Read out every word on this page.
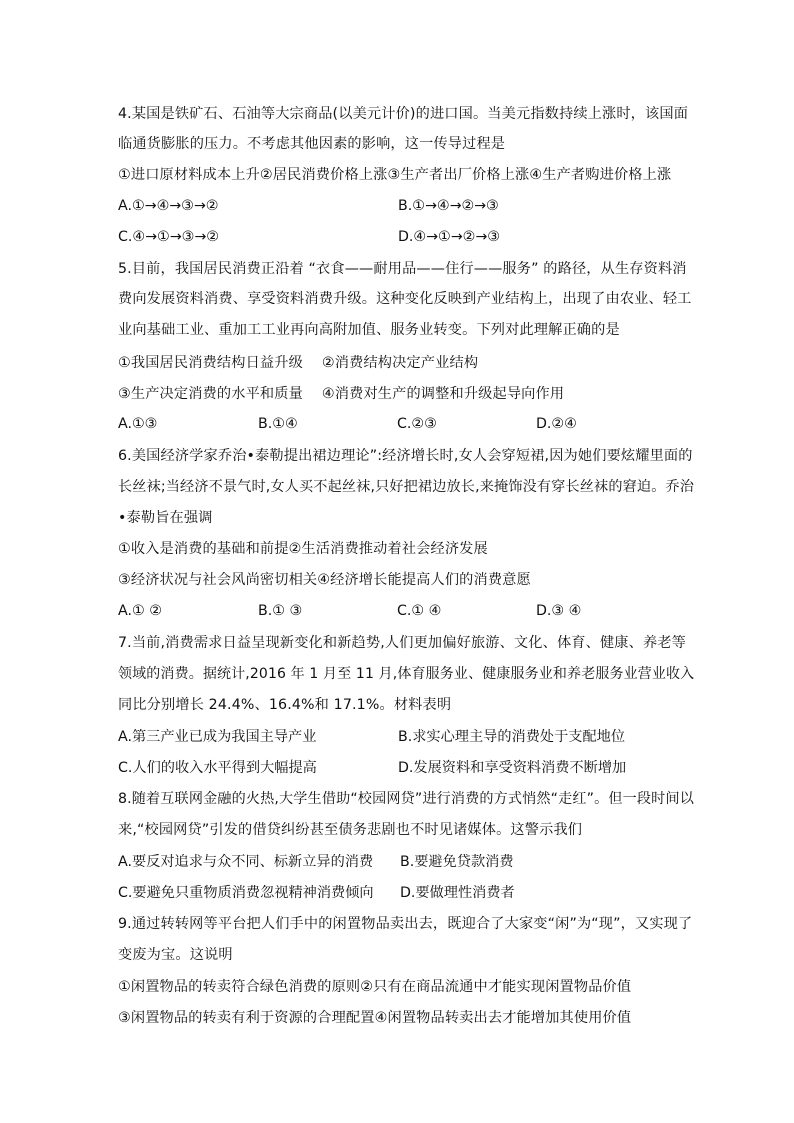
4.某国是铁矿石、石油等大宗商品(以美元计价)的进口国。当美元指数持续上涨时，该国面
临通货膨胀的压力。不考虑其他因素的影响，这一传导过程是
①进口原材料成本上升②居民消费价格上涨③生产者出厂价格上涨④生产者购进价格上涨
A.①→④→③→②	B.①→④→②→③
C.④→①→③→②	D.④→①→②→③
5.目前，我国居民消费正沿着 “衣食——耐用品——住行——服务” 的路径，从生存资料消
费向发展资料消费、享受资料消费升级。这种变化反映到产业结构上，出现了由农业、轻工
业向基础工业、重加工工业再向高附加值、服务业转变。下列对此理解正确的是
①我国居民消费结构日益升级　 ②消费结构决定产业结构
③生产决定消费的水平和质量　 ④消费对生产的调整和升级起导向作用
A.①③	B.①④	C.②③	D.②④
6.美国经济学家乔治•泰勒提出裙边理论”:经济增长时,女人会穿短裙,因为她们要炫耀里面的
长丝袜;当经济不景气时,女人买不起丝袜,只好把裙边放长,来掩饰没有穿长丝袜的窘迫。乔治
•泰勒旨在强调
①收入是消费的基础和前提②生活消费推动着社会经济发展
③经济状况与社会风尚密切相关④经济增长能提高人们的消费意愿
A.① ②	B.① ③	C.① ④	D.③ ④
7.当前,消费需求日益呈现新变化和新趋势,人们更加偏好旅游、文化、体育、健康、养老等
领域的消费。据统计,2016 年 1 月至 11 月,体育服务业、健康服务业和养老服务业营业收入
同比分别增长 24.4%、16.4%和 17.1%。材料表明
A.第三产业已成为我国主导产业	B.求实心理主导的消费处于支配地位
C.人们的收入水平得到大幅提高	D.发展资料和享受资料消费不断增加
8.随着互联网金融的火热,大学生借助“校园网贷”进行消费的方式悄然“走红”。但一段时间以
来,“校园网贷”引发的借贷纠纷甚至债务悲剧也不时见诸媒体。这警示我们
A.要反对追求与众不同、标新立异的消费 B.要避免贷款消费
C.要避免只重物质消费忽视精神消费倾向 D.要做理性消费者
9.通过转转网等平台把人们手中的闲置物品卖出去，既迎合了大家变“闲”为“现”，又实现了
变废为宝。这说明
①闲置物品的转卖符合绿色消费的原则②只有在商品流通中才能实现闲置物品价值
③闲置物品的转卖有利于资源的合理配置④闲置物品转卖出去才能增加其使用价值
